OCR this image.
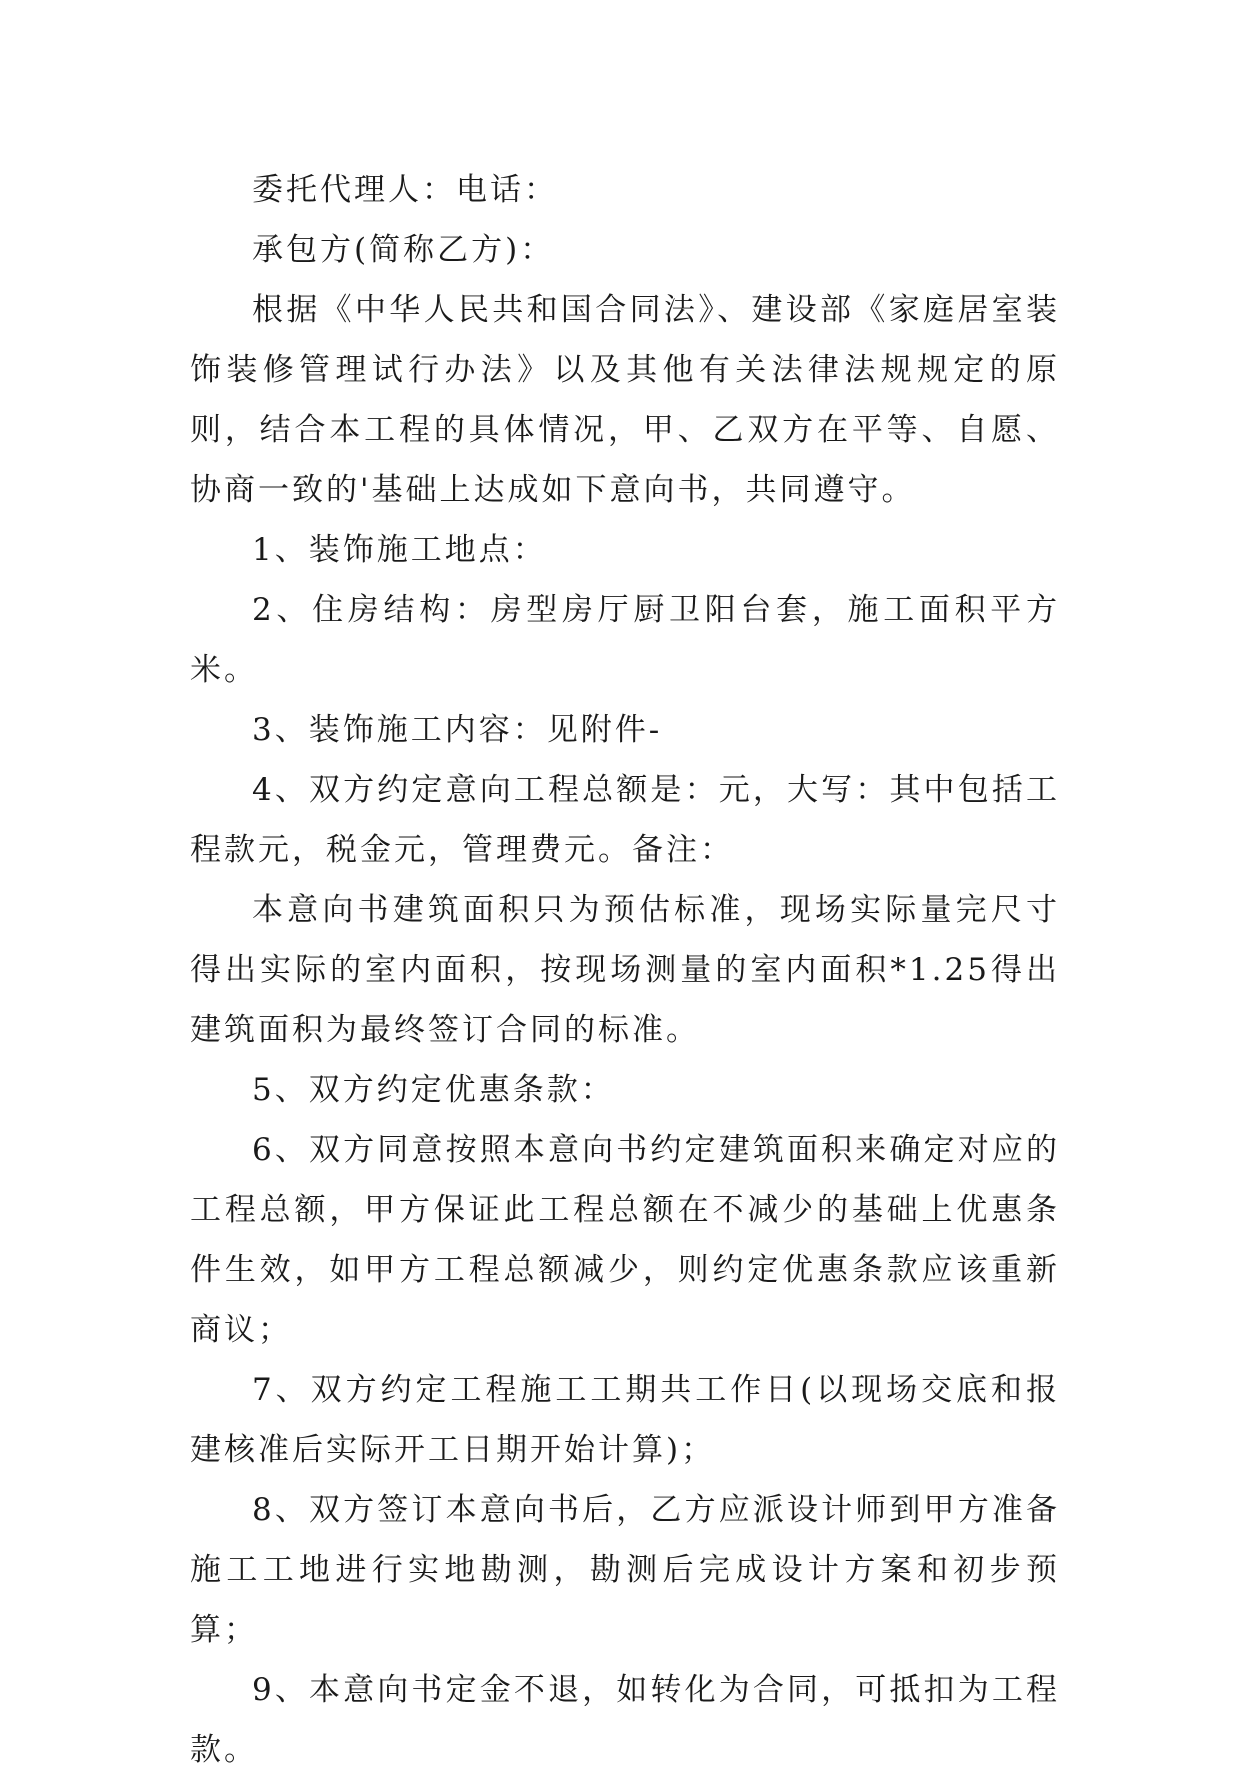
委托代理人：电话：

承包方(简称乙方)：

根据《中华人民共和国合同法》、建设部《家庭居室装饰装修管理试行办法》以及其他有关法律法规规定的原则，结合本工程的具体情况，甲、乙双方在平等、自愿、协商一致的'基础上达成如下意向书，共同遵守。

1、装饰施工地点：

2、住房结构：房型房厅厨卫阳台套，施工面积平方米。

3、装饰施工内容：见附件-

4、双方约定意向工程总额是：元，大写：其中包括工程款元，税金元，管理费元。备注：

本意向书建筑面积只为预估标准，现场实际量完尺寸得出实际的室内面积，按现场测量的室内面积*1.25得出建筑面积为最终签订合同的标准。

5、双方约定优惠条款：

6、双方同意按照本意向书约定建筑面积来确定对应的工程总额，甲方保证此工程总额在不减少的基础上优惠条件生效，如甲方工程总额减少，则约定优惠条款应该重新商议；

7、双方约定工程施工工期共工作日(以现场交底和报建核准后实际开工日期开始计算)；

8、双方签订本意向书后，乙方应派设计师到甲方准备施工工地进行实地勘测，勘测后完成设计方案和初步预算；

9、本意向书定金不退，如转化为合同，可抵扣为工程款。
